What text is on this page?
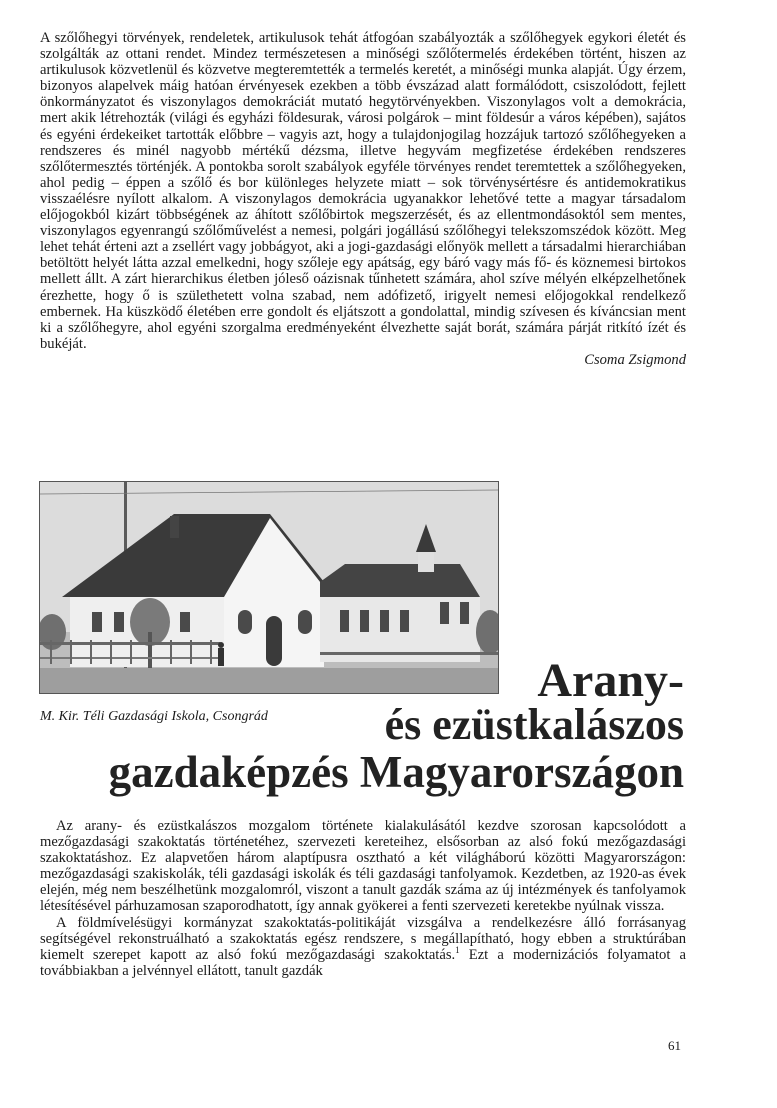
A szőlőhegyi törvények, rendeletek, artikulusok tehát átfogóan szabályozták a szőlőhegyek egykori életét és szolgálták az ottani rendet. Mindez természetesen a minőségi szőlőtermelés érdekében történt, hiszen az artikulusok közvetlenül és közvetve megteremtették a termelés keretét, a minőségi munka alapját. Úgy érzem, bizonyos alapelvek máig hatóan érvényesek ezekben a több évszázad alatt formálódott, csiszolódott, fejlett önkormányzatot és viszonylagos demokráciát mutató hegytörvényekben. Viszonylagos volt a demokrácia, mert akik létrehozták (világi és egyházi földesurak, városi polgárok – mint földesúr a város képében), sajátos és egyéni érdekeiket tartották előbbre – vagyis azt, hogy a tulajdonjogilag hozzájuk tartozó szőlőhegyeken a rendszeres és minél nagyobb mértékű dézsma, illetve hegyvám megfizetése érdekében rendszeres szőlőtermesztés történjék. A pontokba sorolt szabályok egyféle törvényes rendet teremtettek a szőlőhegyeken, ahol pedig – éppen a szőlő és bor különleges helyzete miatt – sok törvénysértésre és antidemokratikus visszaélésre nyílott alkalom. A viszonylagos demokrácia ugyanakkor lehetővé tette a magyar társadalom előjogokból kizárt többségének az áhított szőlőbirtok megszerzését, és az ellentmondásoktól sem mentes, viszonylagos egyenrangú szőlőművelést a nemesi, polgári jogállású szőlőhegyi telekszomszédok között. Meg lehet tehát érteni azt a zsellért vagy jobbágyot, aki a jogi-gazdasági előnyök mellett a társadalmi hierarchiában betöltött helyét látta azzal emelkedni, hogy szőleje egy apátság, egy báró vagy más fő- és köznemesi birtokos mellett állt. A zárt hierarchikus életben jóleső oázisnak tűnhetett számára, ahol szíve mélyén elképzelhetőnek érezhette, hogy ő is születhetett volna szabad, nem adófizető, irigyelt nemesi előjogokkal rendelkező embernek. Ha küszködő életében erre gondolt és eljátszott a gondolattal, mindig szívesen és kíváncsian ment ki a szőlőhegyre, ahol egyéni szorgalma eredményeként élvezhette saját borát, számára párját ritkító ízét és bukéját.

Csoma Zsigmond

M. Kir. Téli Gazdasági Iskola, Csongrád

Arany-
és ezüstkalászos
gazdaképzés Magyarországon

Az arany- és ezüstkalászos mozgalom története kialakulásától kezdve szorosan kapcsolódott a mezőgazdasági szakoktatás történetéhez, szervezeti kereteihez, elsősorban az alsó fokú mezőgazdasági szakoktatáshoz. Ez alapvetően három alaptípusra osztható a két világháború közötti Magyarországon: mezőgazdasági szakiskolák, téli gazdasági iskolák és téli gazdasági tanfolyamok. Kezdetben, az 1920-as évek elején, még nem beszélhetünk mozgalomról, viszont a tanult gazdák száma az új intézmények és tanfolyamok létesítésével párhuzamosan szaporodhatott, így annak gyökerei a fenti szervezeti keretekbe nyúlnak vissza.

A földmívelésügyi kormányzat szakoktatás-politikáját vizsgálva a rendelkezésre álló forrásanyag segítségével rekonstruálható a szakoktatás egész rendszere, s megállapítható, hogy ebben a struktúrában kiemelt szerepet kapott az alsó fokú mezőgazdasági szakoktatás.$^1$ Ezt a modernizációs folyamatot a továbbiakban a jelvénnyel ellátott, tanult gazdák

61
